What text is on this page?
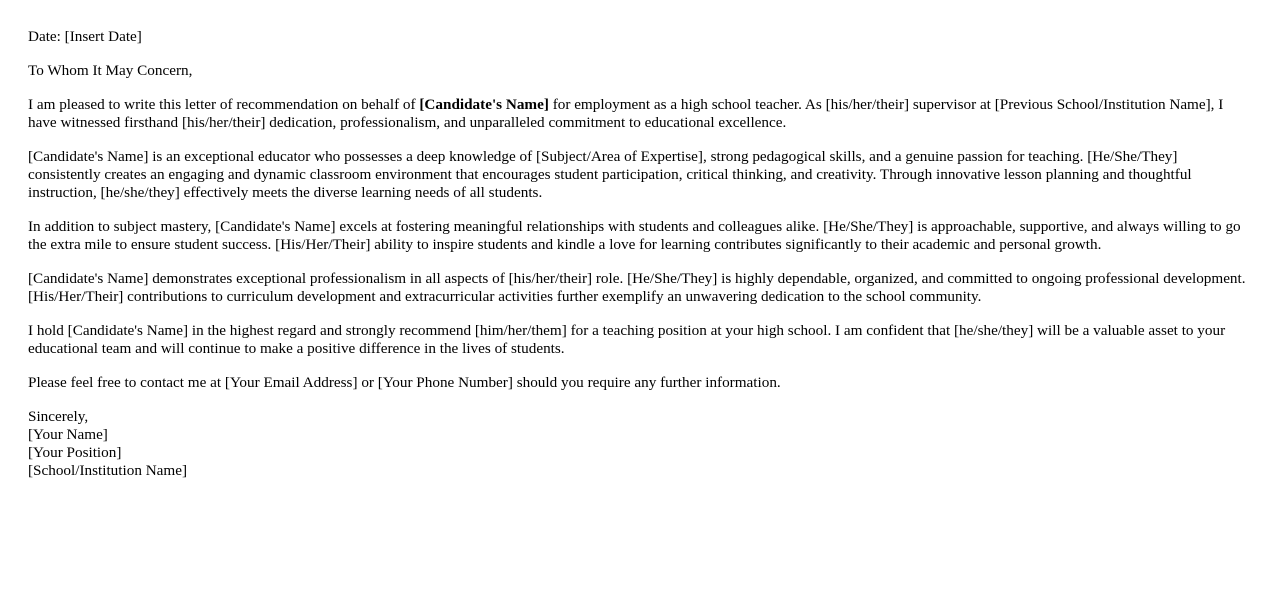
Date: [Insert Date]

To Whom It May Concern,

I am pleased to write this letter of recommendation on behalf of [Candidate's Name] for employment as a high school teacher. As [his/her/their] supervisor at [Previous School/Institution Name], I have witnessed firsthand [his/her/their] dedication, professionalism, and unparalleled commitment to educational excellence.

[Candidate's Name] is an exceptional educator who possesses a deep knowledge of [Subject/Area of Expertise], strong pedagogical skills, and a genuine passion for teaching. [He/She/They] consistently creates an engaging and dynamic classroom environment that encourages student participation, critical thinking, and creativity. Through innovative lesson planning and thoughtful instruction, [he/she/they] effectively meets the diverse learning needs of all students.

In addition to subject mastery, [Candidate's Name] excels at fostering meaningful relationships with students and colleagues alike. [He/She/They] is approachable, supportive, and always willing to go the extra mile to ensure student success. [His/Her/Their] ability to inspire students and kindle a love for learning contributes significantly to their academic and personal growth.

[Candidate's Name] demonstrates exceptional professionalism in all aspects of [his/her/their] role. [He/She/They] is highly dependable, organized, and committed to ongoing professional development. [His/Her/Their] contributions to curriculum development and extracurricular activities further exemplify an unwavering dedication to the school community.

I hold [Candidate's Name] in the highest regard and strongly recommend [him/her/them] for a teaching position at your high school. I am confident that [he/she/they] will be a valuable asset to your educational team and will continue to make a positive difference in the lives of students.

Please feel free to contact me at [Your Email Address] or [Your Phone Number] should you require any further information.

Sincerely,
[Your Name]
[Your Position]
[School/Institution Name]
